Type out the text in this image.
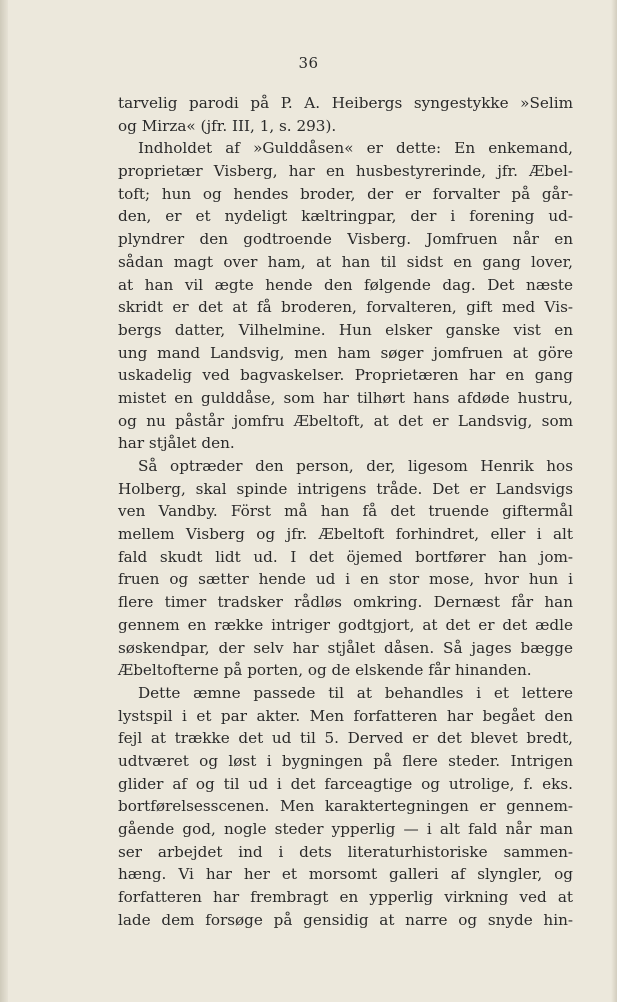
36
tarvelig parodi på P. A. Heibergs syngestykke »Selim
og Mirza« (jfr. III, 1, s. 293).
Indholdet af »Gulddåsen« er dette: En enkemand,
proprietær Visberg, har en husbestyrerinde, jfr. Æbel-
toft; hun og hendes broder, der er forvalter på går-
den, er et nydeligt kæltringpar, der i forening ud-
plyndrer den godtroende Visberg. Jomfruen når en
sådan magt over ham, at han til sidst en gang lover,
at han vil ægte hende den følgende dag. Det næste
skridt er det at få broderen, forvalteren, gift med Vis-
bergs datter, Vilhelmine. Hun elsker ganske vist en
ung mand Landsvig, men ham søger jomfruen at göre
uskadelig ved bagvaskelser. Proprietæren har en gang
mistet en gulddåse, som har tilhørt hans afdøde hustru,
og nu påstår jomfru Æbeltoft, at det er Landsvig, som
har stjålet den.
Så optræder den person, der, ligesom Henrik hos
Holberg, skal spinde intrigens tråde. Det er Landsvigs
ven Vandby. Först må han få det truende giftermål
mellem Visberg og jfr. Æbeltoft forhindret, eller i alt
fald skudt lidt ud. I det öjemed bortfører han jom-
fruen og sætter hende ud i en stor mose, hvor hun i
flere timer tradsker rådløs omkring. Dernæst får han
gennem en række intriger godtgjort, at det er det ædle
søskendpar, der selv har stjålet dåsen. Så jages bægge
Æbeltofterne på porten, og de elskende får hinanden.
Dette æmne passede til at behandles i et lettere
lystspil i et par akter. Men forfatteren har begået den
fejl at trække det ud til 5. Derved er det blevet bredt,
udtværet og løst i bygningen på flere steder. Intrigen
glider af og til ud i det farceagtige og utrolige, f. eks.
bortførelsesscenen. Men karaktertegningen er gennem-
gående god, nogle steder ypperlig — i alt fald når man
ser arbejdet ind i dets literaturhistoriske sammen-
hæng. Vi har her et morsomt galleri af slyngler, og
forfatteren har frembragt en ypperlig virkning ved at
lade dem forsøge på gensidig at narre og snyde hin-
